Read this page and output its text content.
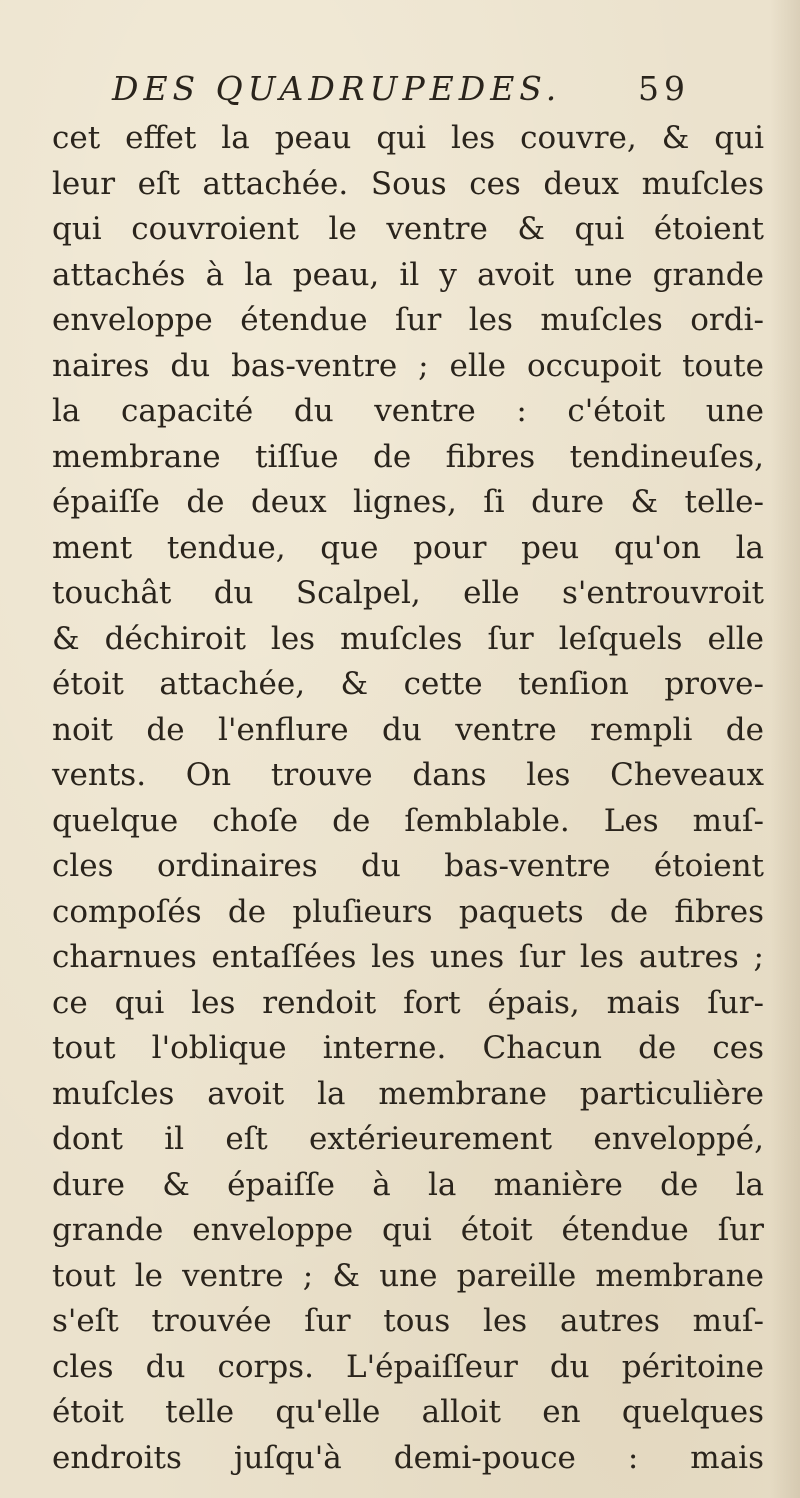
DES QUADRUPEDES. 59
cet effet la peau qui les couvre, & qui
leur eſt attachée. Sous ces deux muſcles
qui couvroient le ventre & qui étoient
attachés à la peau, il y avoit une grande
enveloppe étendue ſur les muſcles ordi-
naires du bas-ventre ; elle occupoit toute
la capacité du ventre : c'étoit une
membrane tiſſue de fibres tendineuſes,
épaiſſe de deux lignes, ſi dure & telle-
ment tendue, que pour peu qu'on la
touchât du Scalpel, elle s'entrouvroit
& déchiroit les muſcles ſur leſquels elle
étoit attachée, & cette tenſion prove-
noit de l'enflure du ventre rempli de
vents. On trouve dans les Cheveaux
quelque choſe de ſemblable. Les muſ-
cles ordinaires du bas-ventre étoient
compoſés de pluſieurs paquets de fibres
charnues entaſſées les unes ſur les autres ;
ce qui les rendoit fort épais, mais ſur-
tout l'oblique interne. Chacun de ces
muſcles avoit la membrane particulière
dont il eſt extérieurement enveloppé,
dure & épaiſſe à la manière de la
grande enveloppe qui étoit étendue ſur
tout le ventre ; & une pareille membrane
s'eſt trouvée ſur tous les autres muſ-
cles du corps. L'épaiſſeur du péritoine
étoit telle qu'elle alloit en quelques
endroits juſqu'à demi-pouce : mais
